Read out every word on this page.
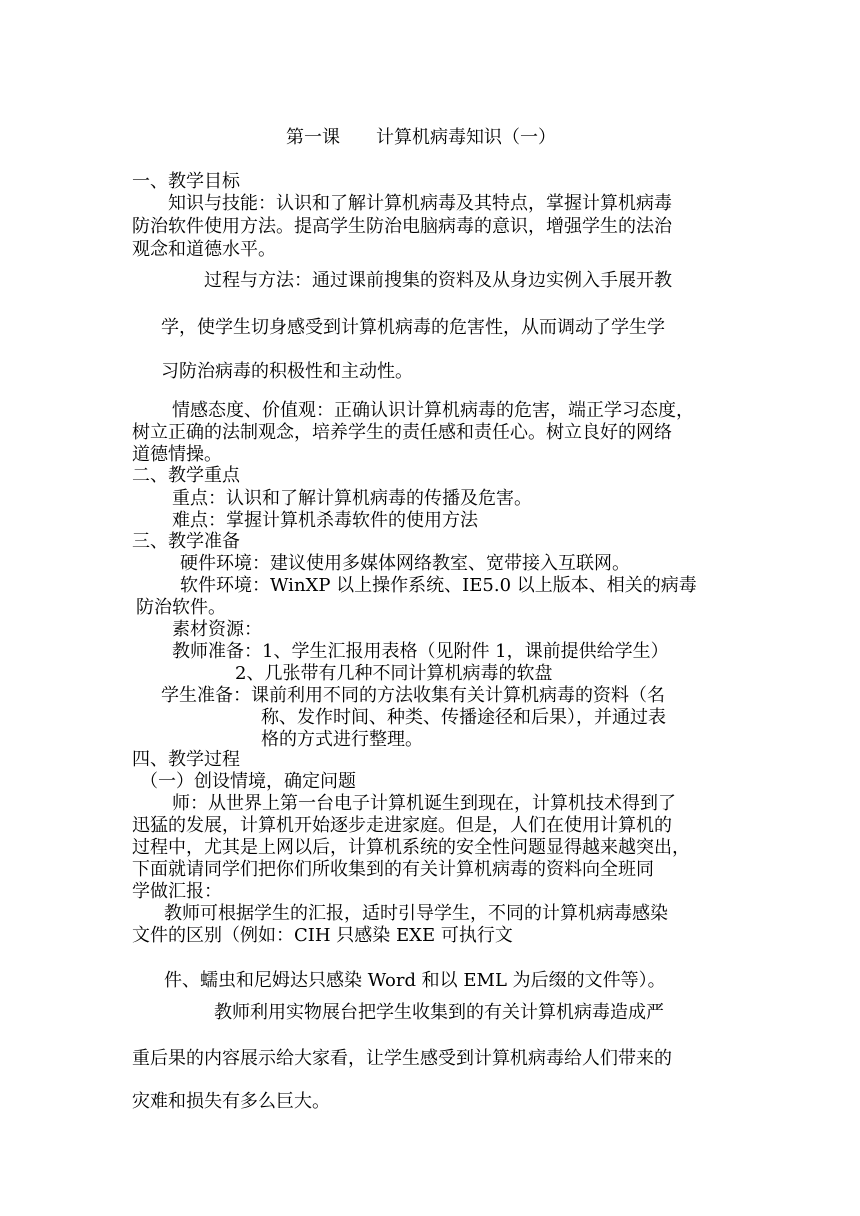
第一课　　计算机病毒知识（一）

一、教学目标

知识与技能：认识和了解计算机病毒及其特点，掌握计算机病毒

防治软件使用方法。提高学生防治电脑病毒的意识，增强学生的法治

观念和道德水平。

过程与方法：通过课前搜集的资料及从身边实例入手展开教

学，使学生切身感受到计算机病毒的危害性，从而调动了学生学

习防治病毒的积极性和主动性。

情感态度、价值观：正确认识计算机病毒的危害，端正学习态度，

树立正确的法制观念，培养学生的责任感和责任心。树立良好的网络

道德情操。

二、教学重点

重点：认识和了解计算机病毒的传播及危害。

难点：掌握计算机杀毒软件的使用方法

三、教学准备

硬件环境：建议使用多媒体网络教室、宽带接入互联网。

软件环境：WinXP 以上操作系统、IE5.0 以上版本、相关的病毒

防治软件。

素材资源：

教师准备：1、学生汇报用表格（见附件 1，课前提供给学生）

2、几张带有几种不同计算机病毒的软盘

学生准备：课前利用不同的方法收集有关计算机病毒的资料（名

称、发作时间、种类、传播途径和后果），并通过表

格的方式进行整理。

四、教学过程

（一）创设情境，确定问题

师：从世界上第一台电子计算机诞生到现在，计算机技术得到了

迅猛的发展，计算机开始逐步走进家庭。但是，人们在使用计算机的

过程中，尤其是上网以后，计算机系统的安全性问题显得越来越突出，

下面就请同学们把你们所收集到的有关计算机病毒的资料向全班同

学做汇报：

教师可根据学生的汇报，适时引导学生，不同的计算机病毒感染

文件的区别（例如：CIH 只感染 EXE 可执行文

件、蠕虫和尼姆达只感染 Word 和以 EML 为后缀的文件等）。

教师利用实物展台把学生收集到的有关计算机病毒造成严

重后果的内容展示给大家看，让学生感受到计算机病毒给人们带来的

灾难和损失有多么巨大。
